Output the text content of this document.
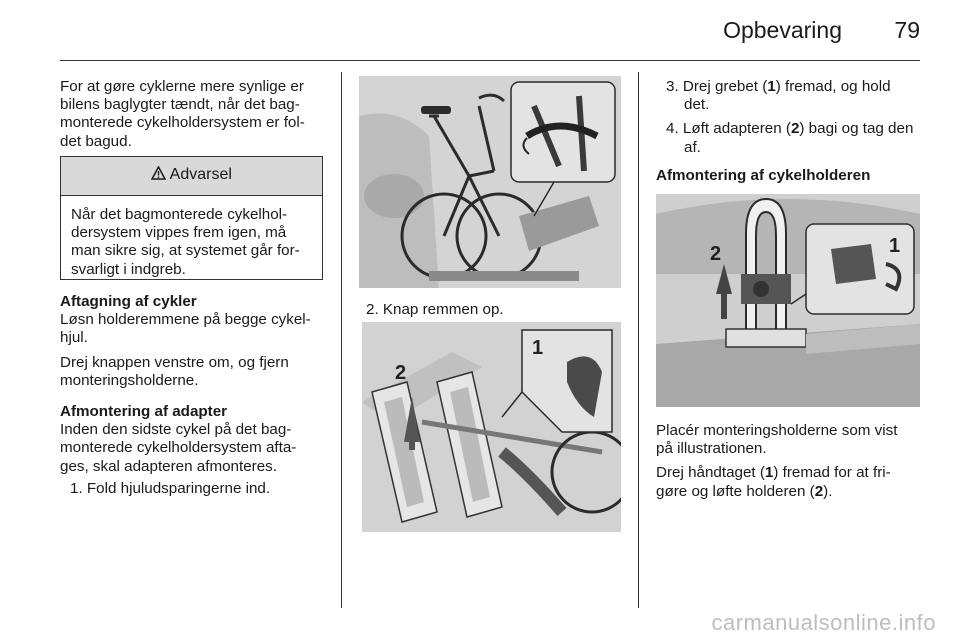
Opbevaring 79
For at gøre cyklerne mere synlige er
bilens baglygter tændt, når det bag-
monterede cykelholdersystem er fol-
det bagud.
Advarsel
Når det bagmonterede cykelhol-
dersystem vippes frem igen, må
man sikre sig, at systemet går for-
svarligt i indgreb.
Aftagning af cykler

Løsn holderemmene på begge cykel-
hjul.

Drej knappen venstre om, og fjern
monteringsholderne.

Afmontering af adapter
Inden den sidste cykel på det bag-
monterede cykelholdersystem afta-
ges, skal adapteren afmonteres.
1. Fold hjuludsparingerne ind.
2. Knap remmen op.
2
1
3. Drej grebet (1) fremad, og hold
det.
4. Løft adapteren (2) bagi og tag den
af.
Afmontering af cykelholderen
2	1

Placér monteringsholderne som vist
på illustrationen.

Drej håndtaget (1) fremad for at fri-
gøre og løfte holderen (2).
carmanualsonline.info
